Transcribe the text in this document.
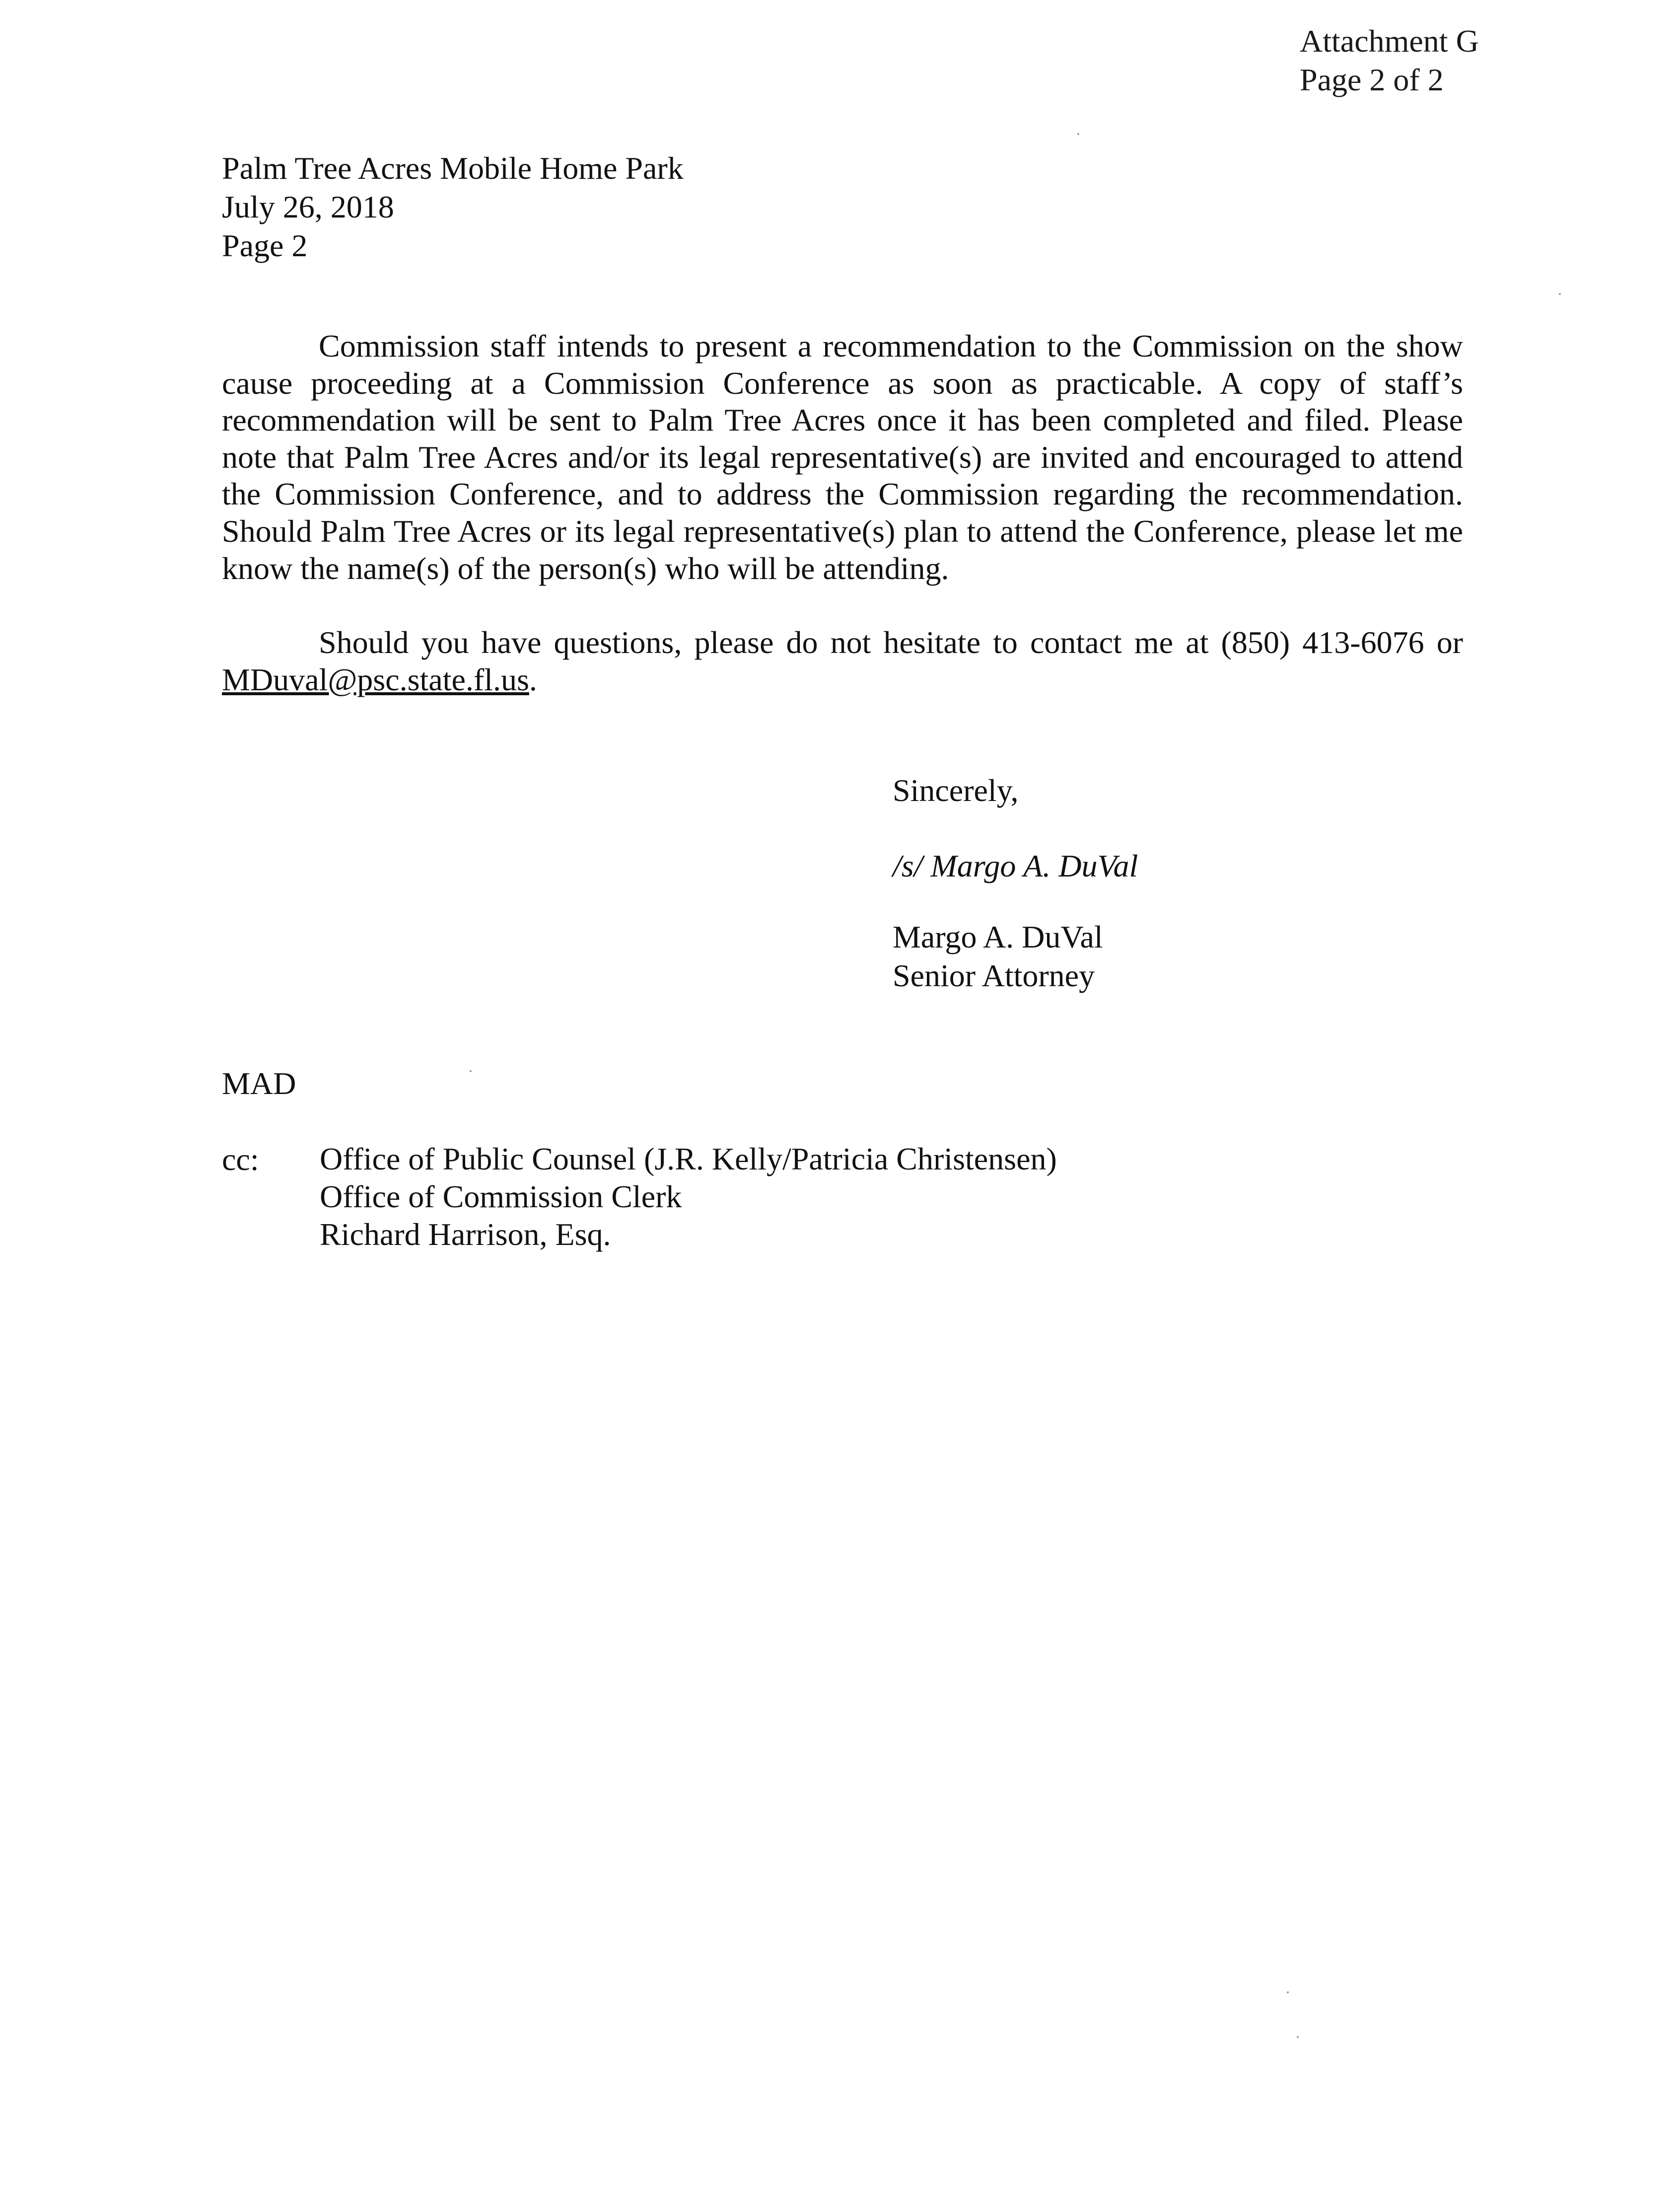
Attachment G
Page 2 of 2
Palm Tree Acres Mobile Home Park
July 26, 2018
Page 2

Commission staff intends to present a recommendation to the Commission on the show cause proceeding at a Commission Conference as soon as practicable. A copy of staff’s recommendation will be sent to Palm Tree Acres once it has been completed and filed. Please note that Palm Tree Acres and/or its legal representative(s) are invited and encouraged to attend the Commission Conference, and to address the Commission regarding the recommendation. Should Palm Tree Acres or its legal representative(s) plan to attend the Conference, please let me know the name(s) of the person(s) who will be attending.

Should you have questions, please do not hesitate to contact me at (850) 413-6076 or MDuval@psc.state.fl.us.

Sincerely,
/s/ Margo A. DuVal
Margo A. DuVal
Senior Attorney
MAD
cc: Office of Public Counsel (J.R. Kelly/Patricia Christensen)
Office of Commission Clerk
Richard Harrison, Esq.
